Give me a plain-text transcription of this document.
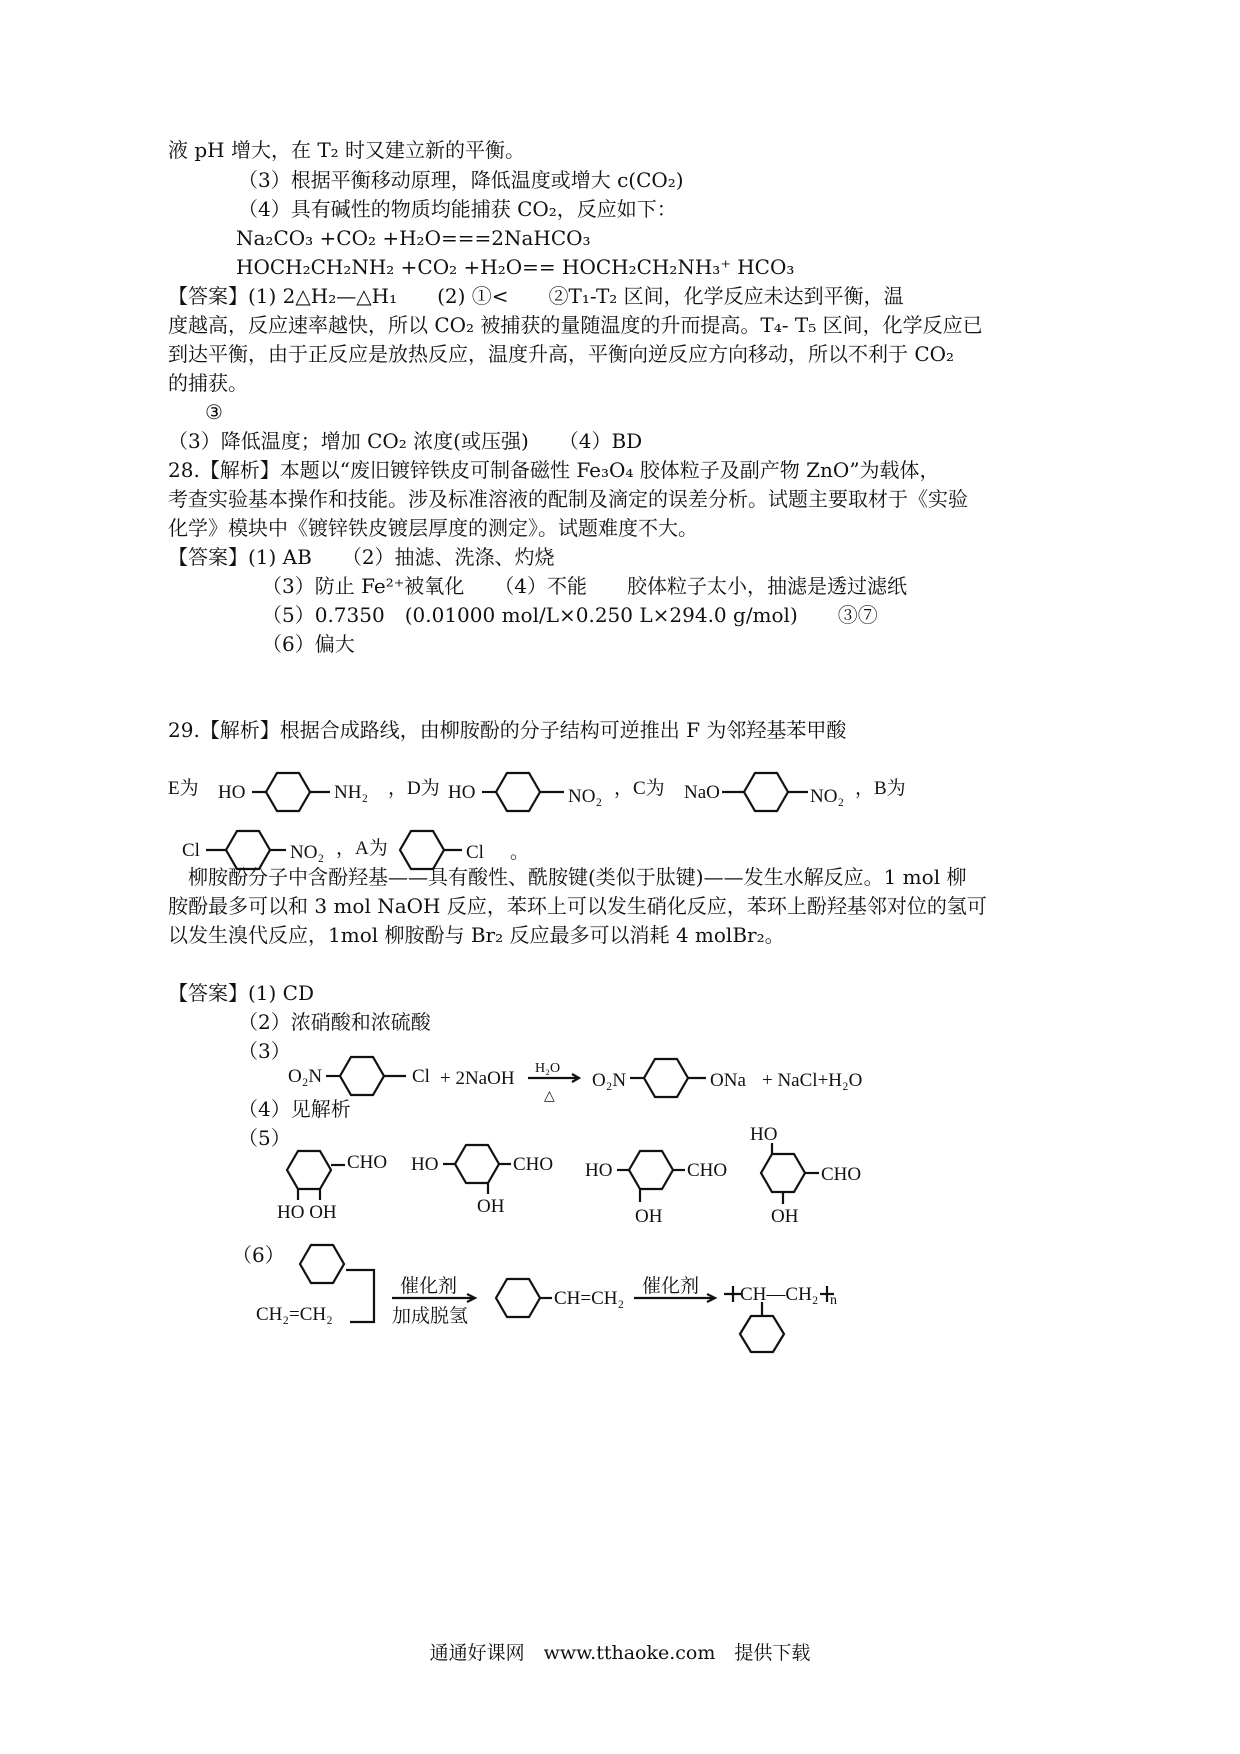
液 pH 增大，在 T₂ 时又建立新的平衡。
（3）根据平衡移动原理，降低温度或增大 c(CO₂)
（4）具有碱性的物质均能捕获 CO₂，反应如下：
Na₂CO₃ +CO₂ +H₂O===2NaHCO₃
HOCH₂CH₂NH₂ +CO₂ +H₂O== HOCH₂CH₂NH₃⁺ HCO₃
【答案】(1) 2△H₂—△H₁　　(2) ①<　　②T₁-T₂ 区间，化学反应未达到平衡，温
度越高，反应速率越快，所以 CO₂ 被捕获的量随温度的升而提高。T₄- T₅ 区间，化学反应已
到达平衡，由于正反应是放热反应，温度升高，平衡向逆反应方向移动，所以不利于 CO₂
的捕获。
③
（3）降低温度；增加 CO₂ 浓度(或压强)　　（4）BD
28.【解析】本题以“废旧镀锌铁皮可制备磁性 Fe₃O₄ 胶体粒子及副产物 ZnO”为载体，
考查实验基本操作和技能。涉及标准溶液的配制及滴定的误差分析。试题主要取材于《实验
化学》模块中《镀锌铁皮镀层厚度的测定》。试题难度不大。
【答案】(1) AB　　（2）抽滤、洗涤、灼烧
（3）防止 Fe²⁺被氧化　　（4）不能　　胶体粒子太小，抽滤是透过滤纸
（5）0.7350　(0.01000 mol/L×0.250 L×294.0 g/mol)　　③⑦
（6）偏大
29.【解析】根据合成路线，由柳胺酚的分子结构可逆推出 F 为邻羟基苯甲酸
E为 HO	NH₂ ，D为 HO	NO₂ ，C为 NaO	NO₂ ，B为
Cl	NO₂ ，A为	Cl 。
柳胺酚分子中含酚羟基——具有酸性、酰胺键(类似于肽键)——发生水解反应。1 mol 柳
胺酚最多可以和 3 mol NaOH 反应，苯环上可以发生硝化反应，苯环上酚羟基邻对位的氢可
以发生溴代反应，1mol 柳胺酚与 Br₂ 反应最多可以消耗 4 molBr₂。
【答案】(1) CD
（2）浓硝酸和浓硫酸
（3）
O₂N	Cl + 2NaOH H₂O
△
O₂N	ONa + NaCl+H₂O
（4）见解析
（5）
CHO
HO OH
HO	CHO
OH
HO	CHO
OH
HO
CHO
OH
（6）
CH₂=CH₂
催化剂
加成脱氢
CH=CH₂
催化剂 CH—CH₂ n
通通好课网　www.tthaoke.com　提供下载
